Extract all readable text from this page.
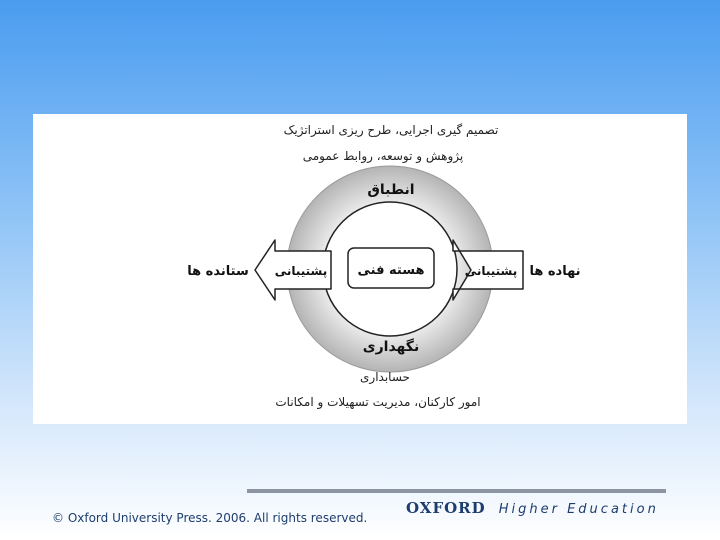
هسته فنی
پشتیبانی	پشتیبانی
انطباق
نگهداری
ستانده ها	نهاده ها
تصمیم گیری اجرایی، طرح ریزی استراتژیک
پژوهش و توسعه، روابط عمومی
حسابداری
امور کارکنان، مدیریت تسهیلات و امکانات
© Oxford University Press. 2006. All rights reserved.
OXFORD Higher Education
